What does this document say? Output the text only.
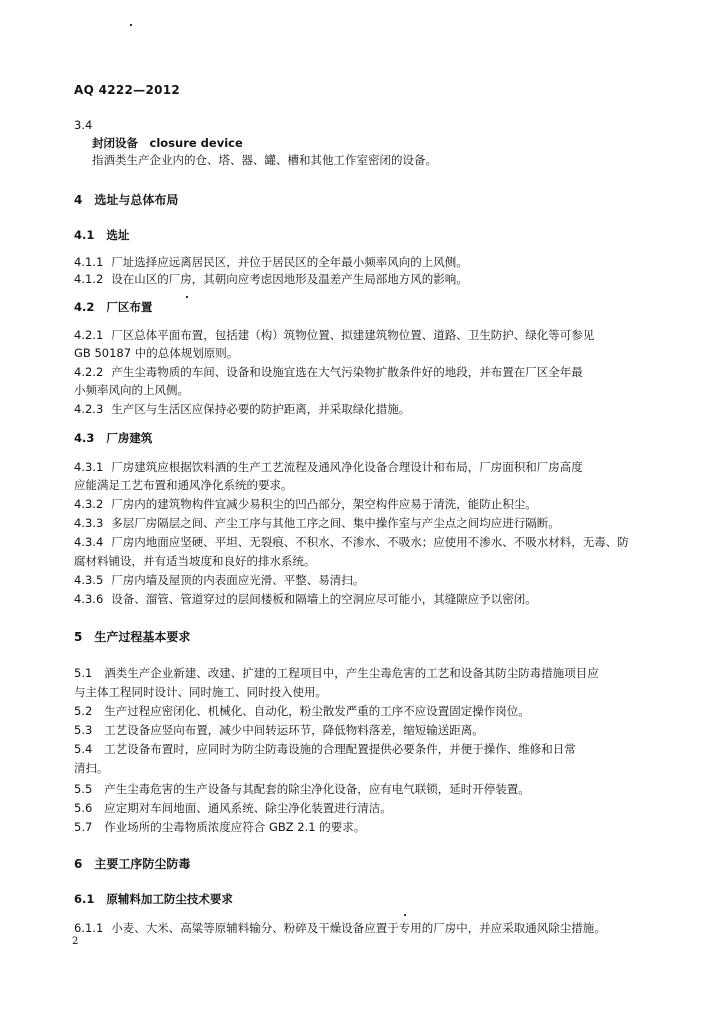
AQ 4222—2012
3.4
封闭设备　closure device
指酒类生产企业内的仓、塔、器、罐、槽和其他工作室密闭的设备。
4 选址与总体布局
4.1 选址
4.1.1 厂址选择应远离居民区，并位于居民区的全年最小频率风向的上风侧。
4.1.2 设在山区的厂房，其朝向应考虑因地形及温差产生局部地方风的影响。
4.2 厂区布置
4.2.1 厂区总体平面布置，包括建（构）筑物位置、拟建建筑物位置、道路、卫生防护、绿化等可参见
GB 50187 中的总体规划原则。
4.2.2 产生尘毒物质的车间、设备和设施宜选在大气污染物扩散条件好的地段，并布置在厂区全年最
小频率风向的上风侧。
4.2.3 生产区与生活区应保持必要的防护距离，并采取绿化措施。
4.3 厂房建筑
4.3.1 厂房建筑应根据饮料酒的生产工艺流程及通风净化设备合理设计和布局，厂房面积和厂房高度
应能满足工艺布置和通风净化系统的要求。
4.3.2 厂房内的建筑物构件宜减少易积尘的凹凸部分，架空构件应易于清洗，能防止积尘。
4.3.3 多层厂房隔层之间、产尘工序与其他工序之间、集中操作室与产尘点之间均应进行隔断。
4.3.4 厂房内地面应坚硬、平坦、无裂痕、不积水、不渗水、不吸水；应使用不渗水、不吸水材料，无毒、防
腐材料铺设，并有适当坡度和良好的排水系统。
4.3.5 厂房内墙及屋顶的内表面应光滑、平整、易清扫。
4.3.6 设备、溜管、管道穿过的层间楼板和隔墙上的空洞应尽可能小，其缝隙应予以密闭。
5 生产过程基本要求
5.1 酒类生产企业新建、改建、扩建的工程项目中，产生尘毒危害的工艺和设备其防尘防毒措施项目应
与主体工程同时设计、同时施工、同时投入使用。
5.2 生产过程应密闭化、机械化、自动化，粉尘散发严重的工序不应设置固定操作岗位。
5.3 工艺设备应竖向布置，减少中间转运环节，降低物料落差，缩短输送距离。
5.4 工艺设备布置时，应同时为防尘防毒设施的合理配置提供必要条件，并便于操作、维修和日常
清扫。
5.5 产生尘毒危害的生产设备与其配套的除尘净化设备，应有电气联锁，延时开停装置。
5.6 应定期对车间地面、通风系统、除尘净化装置进行清洁。
5.7 作业场所的尘毒物质浓度应符合 GBZ 2.1 的要求。
6 主要工序防尘防毒
6.1 原辅料加工防尘技术要求
6.1.1 小麦、大米、高粱等原辅料输分、粉碎及干燥设备应置于专用的厂房中，并应采取通风除尘措施。
2
